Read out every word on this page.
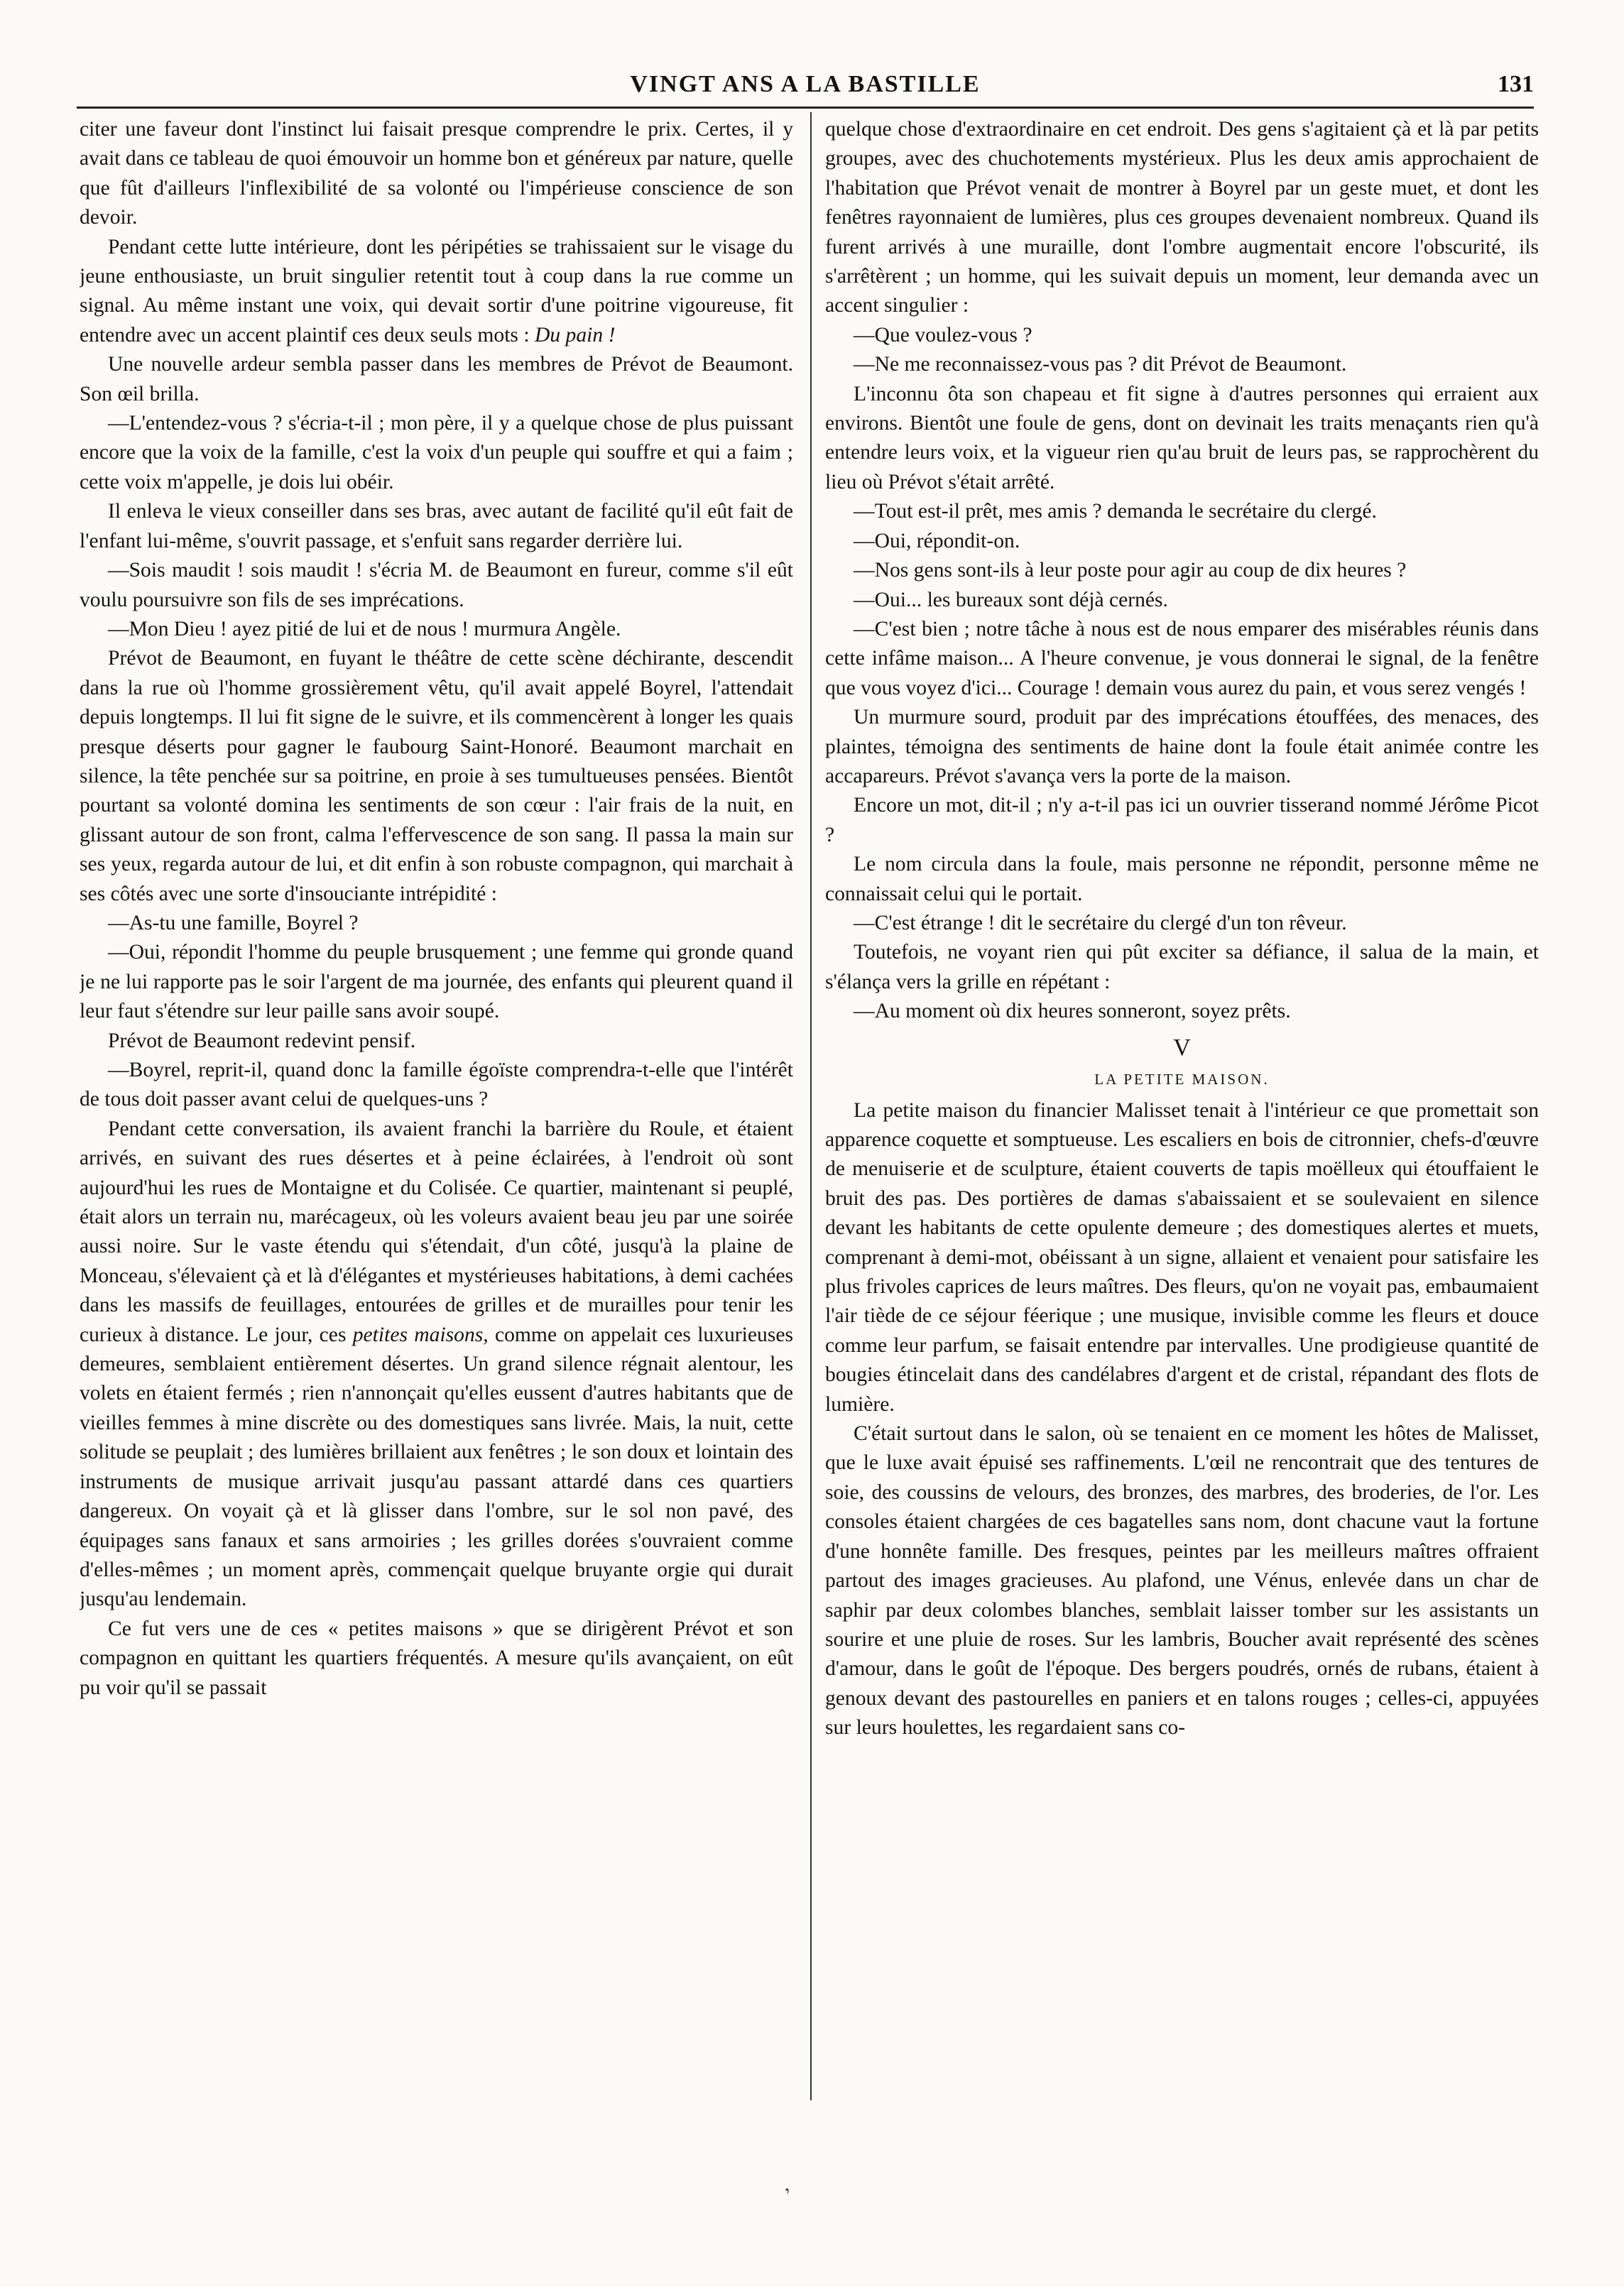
VINGT ANS A LA BASTILLE	131

citer une faveur dont l'instinct lui faisait presque comprendre le prix. Certes, il y avait dans ce tableau de quoi émouvoir un homme bon et généreux par nature, quelle que fût d'ailleurs l'inflexibilité de sa volonté ou l'impérieuse conscience de son devoir.

Pendant cette lutte intérieure, dont les péripéties se trahissaient sur le visage du jeune enthousiaste, un bruit singulier retentit tout à coup dans la rue comme un signal. Au même instant une voix, qui devait sortir d'une poitrine vigoureuse, fit entendre avec un accent plaintif ces deux seuls mots : Du pain !

Une nouvelle ardeur sembla passer dans les membres de Prévot de Beaumont. Son œil brilla.

—L'entendez-vous ? s'écria-t-il ; mon père, il y a quelque chose de plus puissant encore que la voix de la famille, c'est la voix d'un peuple qui souffre et qui a faim ; cette voix m'appelle, je dois lui obéir.

Il enleva le vieux conseiller dans ses bras, avec autant de facilité qu'il eût fait de l'enfant lui-même, s'ouvrit passage, et s'enfuit sans regarder derrière lui.

—Sois maudit ! sois maudit ! s'écria M. de Beaumont en fureur, comme s'il eût voulu poursuivre son fils de ses imprécations.

—Mon Dieu ! ayez pitié de lui et de nous ! murmura Angèle.

Prévot de Beaumont, en fuyant le théâtre de cette scène déchirante, descendit dans la rue où l'homme grossièrement vêtu, qu'il avait appelé Boyrel, l'attendait depuis longtemps. Il lui fit signe de le suivre, et ils commencèrent à longer les quais presque déserts pour gagner le faubourg Saint-Honoré. Beaumont marchait en silence, la tête penchée sur sa poitrine, en proie à ses tumultueuses pensées. Bientôt pourtant sa volonté domina les sentiments de son cœur : l'air frais de la nuit, en glissant autour de son front, calma l'effervescence de son sang. Il passa la main sur ses yeux, regarda autour de lui, et dit enfin à son robuste compagnon, qui marchait à ses côtés avec une sorte d'insouciante intrépidité :

—As-tu une famille, Boyrel ?

—Oui, répondit l'homme du peuple brusquement ; une femme qui gronde quand je ne lui rapporte pas le soir l'argent de ma journée, des enfants qui pleurent quand il leur faut s'étendre sur leur paille sans avoir soupé.

Prévot de Beaumont redevint pensif.

—Boyrel, reprit-il, quand donc la famille égoïste comprendra-t-elle que l'intérêt de tous doit passer avant celui de quelques-uns ?

Pendant cette conversation, ils avaient franchi la barrière du Roule, et étaient arrivés, en suivant des rues désertes et à peine éclairées, à l'endroit où sont aujourd'hui les rues de Montaigne et du Colisée. Ce quartier, maintenant si peuplé, était alors un terrain nu, marécageux, où les voleurs avaient beau jeu par une soirée aussi noire. Sur le vaste étendu qui s'étendait, d'un côté, jusqu'à la plaine de Monceau, s'élevaient çà et là d'élégantes et mystérieuses habitations, à demi cachées dans les massifs de feuillages, entourées de grilles et de murailles pour tenir les curieux à distance. Le jour, ces petites maisons, comme on appelait ces luxurieuses demeures, semblaient entièrement désertes. Un grand silence régnait alentour, les volets en étaient fermés ; rien n'annonçait qu'elles eussent d'autres habitants que de vieilles femmes à mine discrète ou des domestiques sans livrée. Mais, la nuit, cette solitude se peuplait ; des lumières brillaient aux fenêtres ; le son doux et lointain des instruments de musique arrivait jusqu'au passant attardé dans ces quartiers dangereux. On voyait çà et là glisser dans l'ombre, sur le sol non pavé, des équipages sans fanaux et sans armoiries ; les grilles dorées s'ouvraient comme d'elles-mêmes ; un moment après, commençait quelque bruyante orgie qui durait jusqu'au lendemain.

Ce fut vers une de ces « petites maisons » que se dirigèrent Prévot et son compagnon en quittant les quartiers fréquentés. A mesure qu'ils avançaient, on eût pu voir qu'il se passait

quelque chose d'extraordinaire en cet endroit. Des gens s'agitaient çà et là par petits groupes, avec des chuchotements mystérieux. Plus les deux amis approchaient de l'habitation que Prévot venait de montrer à Boyrel par un geste muet, et dont les fenêtres rayonnaient de lumières, plus ces groupes devenaient nombreux. Quand ils furent arrivés à une muraille, dont l'ombre augmentait encore l'obscurité, ils s'arrêtèrent ; un homme, qui les suivait depuis un moment, leur demanda avec un accent singulier :

—Que voulez-vous ?

—Ne me reconnaissez-vous pas ? dit Prévot de Beaumont.

L'inconnu ôta son chapeau et fit signe à d'autres personnes qui erraient aux environs. Bientôt une foule de gens, dont on devinait les traits menaçants rien qu'à entendre leurs voix, et la vigueur rien qu'au bruit de leurs pas, se rapprochèrent du lieu où Prévot s'était arrêté.

—Tout est-il prêt, mes amis ? demanda le secrétaire du clergé.

—Oui, répondit-on.

—Nos gens sont-ils à leur poste pour agir au coup de dix heures ?

—Oui... les bureaux sont déjà cernés.

—C'est bien ; notre tâche à nous est de nous emparer des misérables réunis dans cette infâme maison... A l'heure convenue, je vous donnerai le signal, de la fenêtre que vous voyez d'ici... Courage ! demain vous aurez du pain, et vous serez vengés !

Un murmure sourd, produit par des imprécations étouffées, des menaces, des plaintes, témoigna des sentiments de haine dont la foule était animée contre les accapareurs. Prévot s'avança vers la porte de la maison.

Encore un mot, dit-il ; n'y a-t-il pas ici un ouvrier tisserand nommé Jérôme Picot ?

Le nom circula dans la foule, mais personne ne répondit, personne même ne connaissait celui qui le portait.

—C'est étrange ! dit le secrétaire du clergé d'un ton rêveur.

Toutefois, ne voyant rien qui pût exciter sa défiance, il salua de la main, et s'élança vers la grille en répétant :

—Au moment où dix heures sonneront, soyez prêts.

V
LA PETITE MAISON.

La petite maison du financier Malisset tenait à l'intérieur ce que promettait son apparence coquette et somptueuse. Les escaliers en bois de citronnier, chefs-d'œuvre de menuiserie et de sculpture, étaient couverts de tapis moëlleux qui étouffaient le bruit des pas. Des portières de damas s'abaissaient et se soulevaient en silence devant les habitants de cette opulente demeure ; des domestiques alertes et muets, comprenant à demi-mot, obéissant à un signe, allaient et venaient pour satisfaire les plus frivoles caprices de leurs maîtres. Des fleurs, qu'on ne voyait pas, embaumaient l'air tiède de ce séjour féerique ; une musique, invisible comme les fleurs et douce comme leur parfum, se faisait entendre par intervalles. Une prodigieuse quantité de bougies étincelait dans des candélabres d'argent et de cristal, répandant des flots de lumière.

C'était surtout dans le salon, où se tenaient en ce moment les hôtes de Malisset, que le luxe avait épuisé ses raffinements. L'œil ne rencontrait que des tentures de soie, des coussins de velours, des bronzes, des marbres, des broderies, de l'or. Les consoles étaient chargées de ces bagatelles sans nom, dont chacune vaut la fortune d'une honnête famille. Des fresques, peintes par les meilleurs maîtres offraient partout des images gracieuses. Au plafond, une Vénus, enlevée dans un char de saphir par deux colombes blanches, semblait laisser tomber sur les assistants un sourire et une pluie de roses. Sur les lambris, Boucher avait représenté des scènes d'amour, dans le goût de l'époque. Des bergers poudrés, ornés de rubans, étaient à genoux devant des pastourelles en paniers et en talons rouges ; celles-ci, appuyées sur leurs houlettes, les regardaient sans co-

‚
